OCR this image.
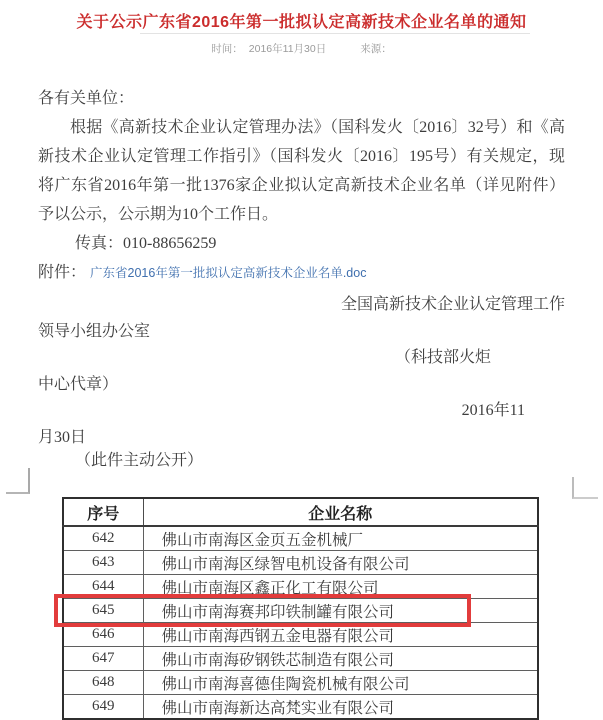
关于公示广东省2016年第一批拟认定高新技术企业名单的通知
时间： 2016年11月30日	来源：

各有关单位：

根据《高新技术企业认定管理办法》（国科发火〔2016〕32号）和《高新技术企业认定管理工作指引》（国科发火〔2016〕195号）有关规定，现将广东省2016年第一批1376家企业拟认定高新技术企业名单（详见附件）予以公示，公示期为10个工作日。

传真：010-88656259

附件： 广东省2016年第一批拟认定高新技术企业名单.doc

全国高新技术企业认定管理工作

领导小组办公室

（科技部火炬

中心代章）

2016年11

月30日

（此件主动公开）

序号	企业名称
642	佛山市南海区金页五金机械厂
643	佛山市南海区绿智电机设备有限公司
644	佛山市南海区鑫正化工有限公司
645	佛山市南海赛邦印铁制罐有限公司
646	佛山市南海西钢五金电器有限公司
647	佛山市南海矽钢铁芯制造有限公司
648	佛山市南海喜德佳陶瓷机械有限公司
649	佛山市南海新达高梵实业有限公司
